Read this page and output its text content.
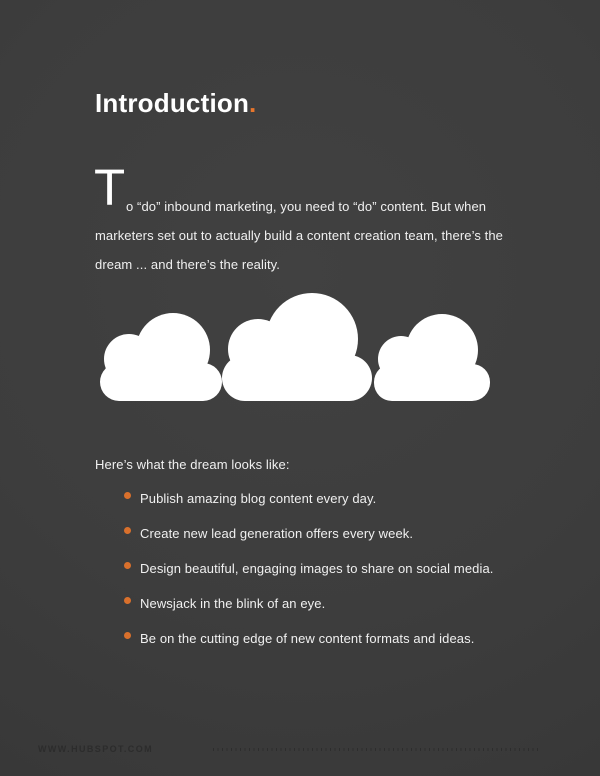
Introduction.
T o “do” inbound marketing, you need to “do” content. But when
marketers set out to actually build a content creation team, there’s the
dream ... and there’s the reality.
Here’s what the dream looks like:
Publish amazing blog content every day.
Create new lead generation offers every week.
Design beautiful, engaging images to share on social media.
Newsjack in the blink of an eye.
Be on the cutting edge of new content formats and ideas.
WWW.HUBSPOT.COM
